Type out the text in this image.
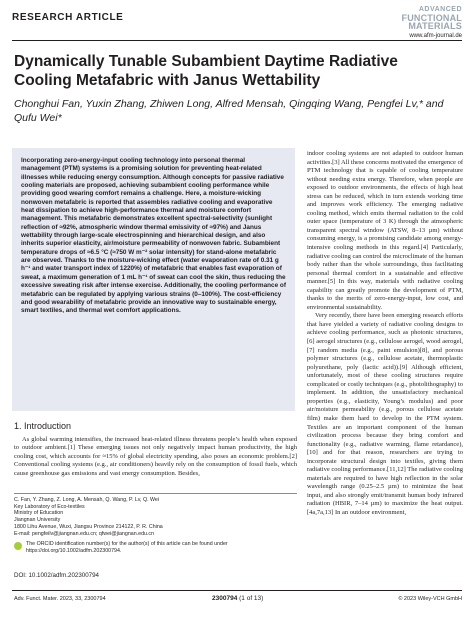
RESEARCH ARTICLE
ADVANCED
FUNCTIONAL
MATERIALS
www.afm-journal.de
Dynamically Tunable Subambient Daytime Radiative Cooling Metafabric with Janus Wettability
Chonghui Fan, Yuxin Zhang, Zhiwen Long, Alfred Mensah, Qingqing Wang, Pengfei Lv,* and Qufu Wei*

Incorporating zero-energy-input cooling technology into personal thermal management (PTM) systems is a promising solution for preventing heat-related illnesses while reducing energy consumption. Although concepts for passive radiative cooling materials are proposed, achieving subambient cooling performance while providing good wearing comfort remains a challenge. Here, a moisture-wicking nonwoven metafabric is reported that assembles radiative cooling and evaporative heat dissipation to achieve high-performance thermal and moisture comfort management. This metafabric demonstrates excellent spectral-selectivity (sunlight reflection of ≈92%, atmospheric window thermal emissivity of ≈97%) and Janus wettability through large-scale electrospinning and hierarchical design, and also inherits superior elasticity, air/moisture permeability of nonwoven fabric. Subambient temperature drops of ≈6.5 °C (≈750 W m⁻² solar intensity) for stand-alone metafabric are observed. Thanks to the moisture-wicking effect (water evaporation rate of 0.31 g h⁻¹ and water transport index of 1220%) of metafabric that enables fast evaporation of sweat, a maximum generation of 1 mL h⁻¹ of sweat can cool the skin, thus reducing the excessive sweating risk after intense exercise. Additionally, the cooling performance of metafabric can be regulated by applying various strains (0–100%). The cost-efficiency and good wearability of metafabric provide an innovative way to sustainable energy, smart textiles, and thermal wet comfort applications.

1. Introduction

As global warming intensifies, the increased heat-related illness threatens people’s health when exposed to outdoor ambient.[1] These emerging issues not only negatively impact human productivity, the high cooling cost, which accounts for ≈15% of global electricity spending, also poses an economic problem.[2] Conventional cooling systems (e.g., air conditioners) heavily rely on the consumption of fossil fuels, which cause greenhouse gas emissions and vast energy consumption. Besides,

indoor cooling systems are not adapted to outdoor human activities.[3] All these concerns motivated the emergence of PTM technology that is capable of cooling temperature without needing extra energy. Therefore, when people are exposed to outdoor environments, the effects of high heat stress can be reduced, which in turn extends working time and improves work efficiency. The emerging radiative cooling method, which emits thermal radiation to the cold outer space (temperature of 3 K) through the atmospheric transparent spectral window (ATSW, 8–13 µm) without consuming energy, is a promising candidate among energy-intensive cooling methods in this regard.[4] Particularly, radiative cooling can control the microclimate of the human body rather than the whole surroundings, thus facilitating personal thermal comfort in a sustainable and effective manner.[5] In this way, materials with radiative cooling capability can greatly promote the development of PTM, thanks to the merits of zero-energy-input, low cost, and environmental sustainability.

Very recently, there have been emerging research efforts that have yielded a variety of radiative cooling designs to achieve cooling performance, such as photonic structures,[6] aerogel structures (e.g., cellulose aerogel, wood aerogel,[7] random media (e.g., paint emulsion)[8], and porous polymer structures (e.g., cellulose acetate, thermoplastic polyurethane, poly (lactic acid)).[9] Although efficient, unfortunately, most of these cooling structures require complicated or costly techniques (e.g., photolithography) to implement. In addition, the unsatisfactory mechanical properties (e.g., elasticity, Young’s modulus) and poor air/moisture permeability (e.g., porous cellulose acetate film) make them hard to develop in the PTM system. Textiles are an important component of the human civilization process because they bring comfort and functionality (e.g., radiative warming, flame retardance),[10] and for that reason, researchers are trying to incorporate structural design into textiles, giving them radiative cooling performance.[11,12] The radiative cooling materials are required to have high reflection in the solar wavelength range (0.25–2.5 µm) to minimize the heat input, and also strongly emit/transmit human body infrared radiation (HBIR, 7–14 µm) to maximize the heat output.[4a,7a,13] In an outdoor environment,

C. Fan, Y. Zhang, Z. Long, A. Mensah, Q. Wang, P. Lv, Q. Wei

Key Laboratory of Eco-textiles

Ministry of Education

Jiangnan University

1800 Lihu Avenue, Wuxi, Jiangsu Province 214122, P. R. China

E-mail: pengfeilv@jiangnan.edu.cn; qfwei@jiangnan.edu.cn

The ORCID identification number(s) for the author(s) of this article can be found under https://doi.org/10.1002/adfm.202300794.
DOI: 10.1002/adfm.202300794
Adv. Funct. Mater. 2023, 33, 2300794	2300794 (1 of 13)	© 2023 Wiley-VCH GmbH
